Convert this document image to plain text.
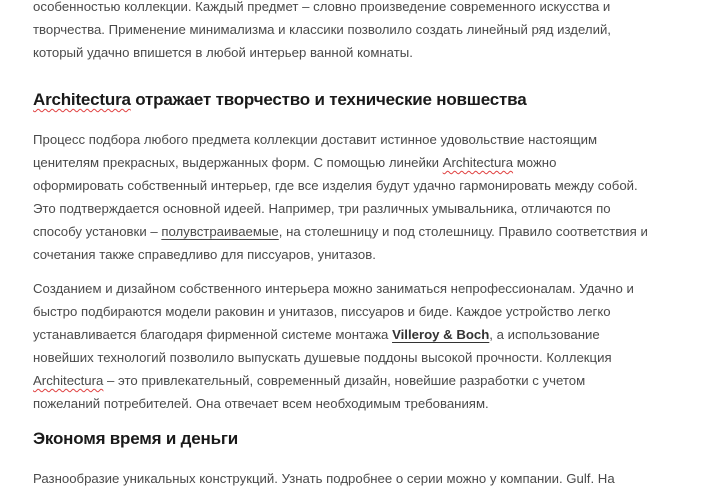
особенностью коллекции. Каждый предмет – словно произведение современного искусства и
творчества. Применение минимализма и классики позволило создать линейный ряд изделий,
который удачно впишется в любой интерьер ванной комнаты.

Architectura отражает творчество и технические новшества

Процесс подбора любого предмета коллекции доставит истинное удовольствие настоящим
ценителям прекрасных, выдержанных форм. С помощью линейки Architectura можно
оформировать собственный интерьер, где все изделия будут удачно гармонировать между собой.
Это подтверждается основной идеей. Например, три различных умывальника, отличаются по
способу установки – полувстраиваемые, на столешницу и под столешницу. Правило соответствия и
сочетания также справедливо для писсуаров, унитазов.

Созданием и дизайном собственного интерьера можно заниматься непрофессионалам. Удачно и
быстро подбираются модели раковин и унитазов, писсуаров и биде. Каждое устройство легко
устанавливается благодаря фирменной системе монтажа Villeroy & Boch, а использование
новейших технологий позволило выпускать душевые поддоны высокой прочности. Коллекция
Architectura – это привлекательный, современный дизайн, новейшие разработки с учетом
пожеланий потребителей. Она отвечает всем необходимым требованиям.

Экономя время и деньги

Разнообразие уникальных конструкций. Узнать подробнее о серии можно у компании. Gulf. На
